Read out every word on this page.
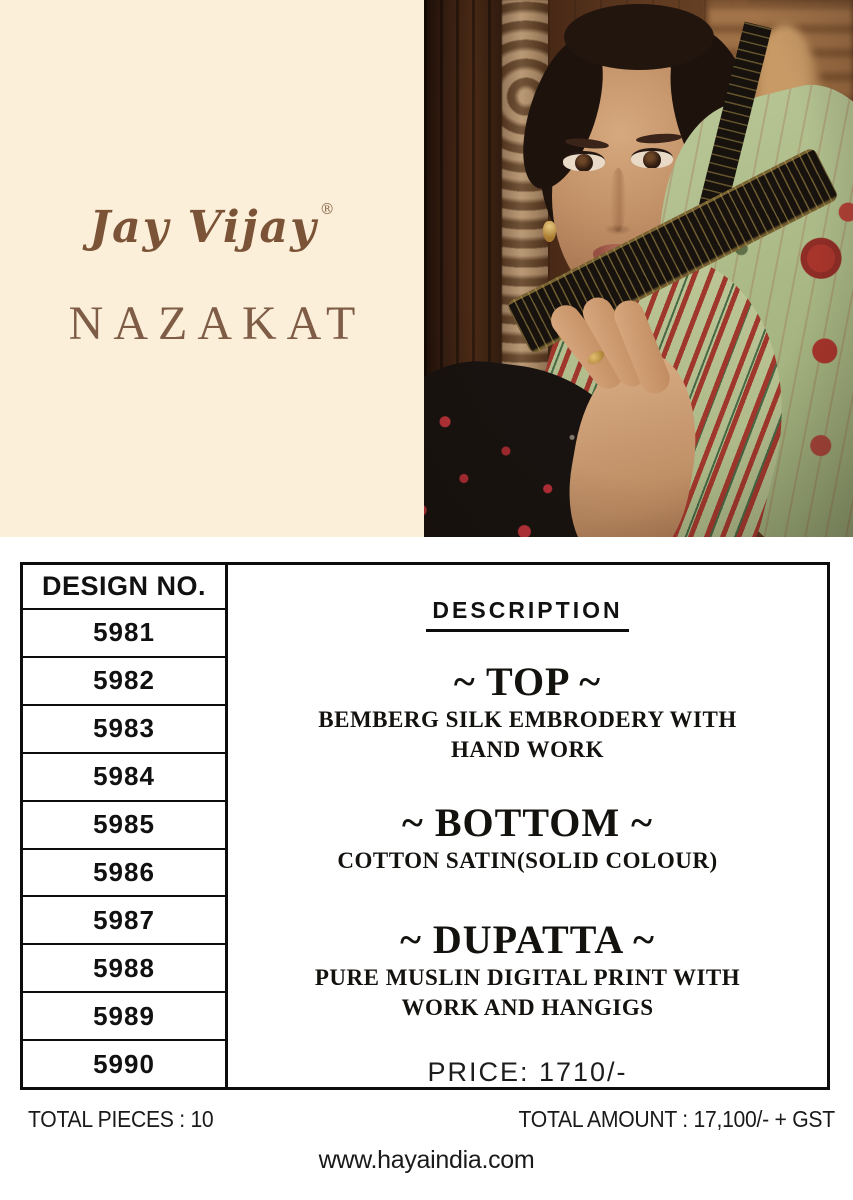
Jay Vijay ®
NAZAKAT
DESIGN NO.
5981
5982
5983
5984
5985
5986
5987
5988
5989
5990
DESCRIPTION
~ TOP ~
BEMBERG SILK EMBRODERY WITH
HAND WORK
~ BOTTOM ~
COTTON SATIN(SOLID COLOUR)
~ DUPATTA ~
PURE MUSLIN DIGITAL PRINT WITH
WORK AND HANGIGS
PRICE: 1710/-
TOTAL PIECES : 10	TOTAL AMOUNT : 17,100/- + GST
www.hayaindia.com
